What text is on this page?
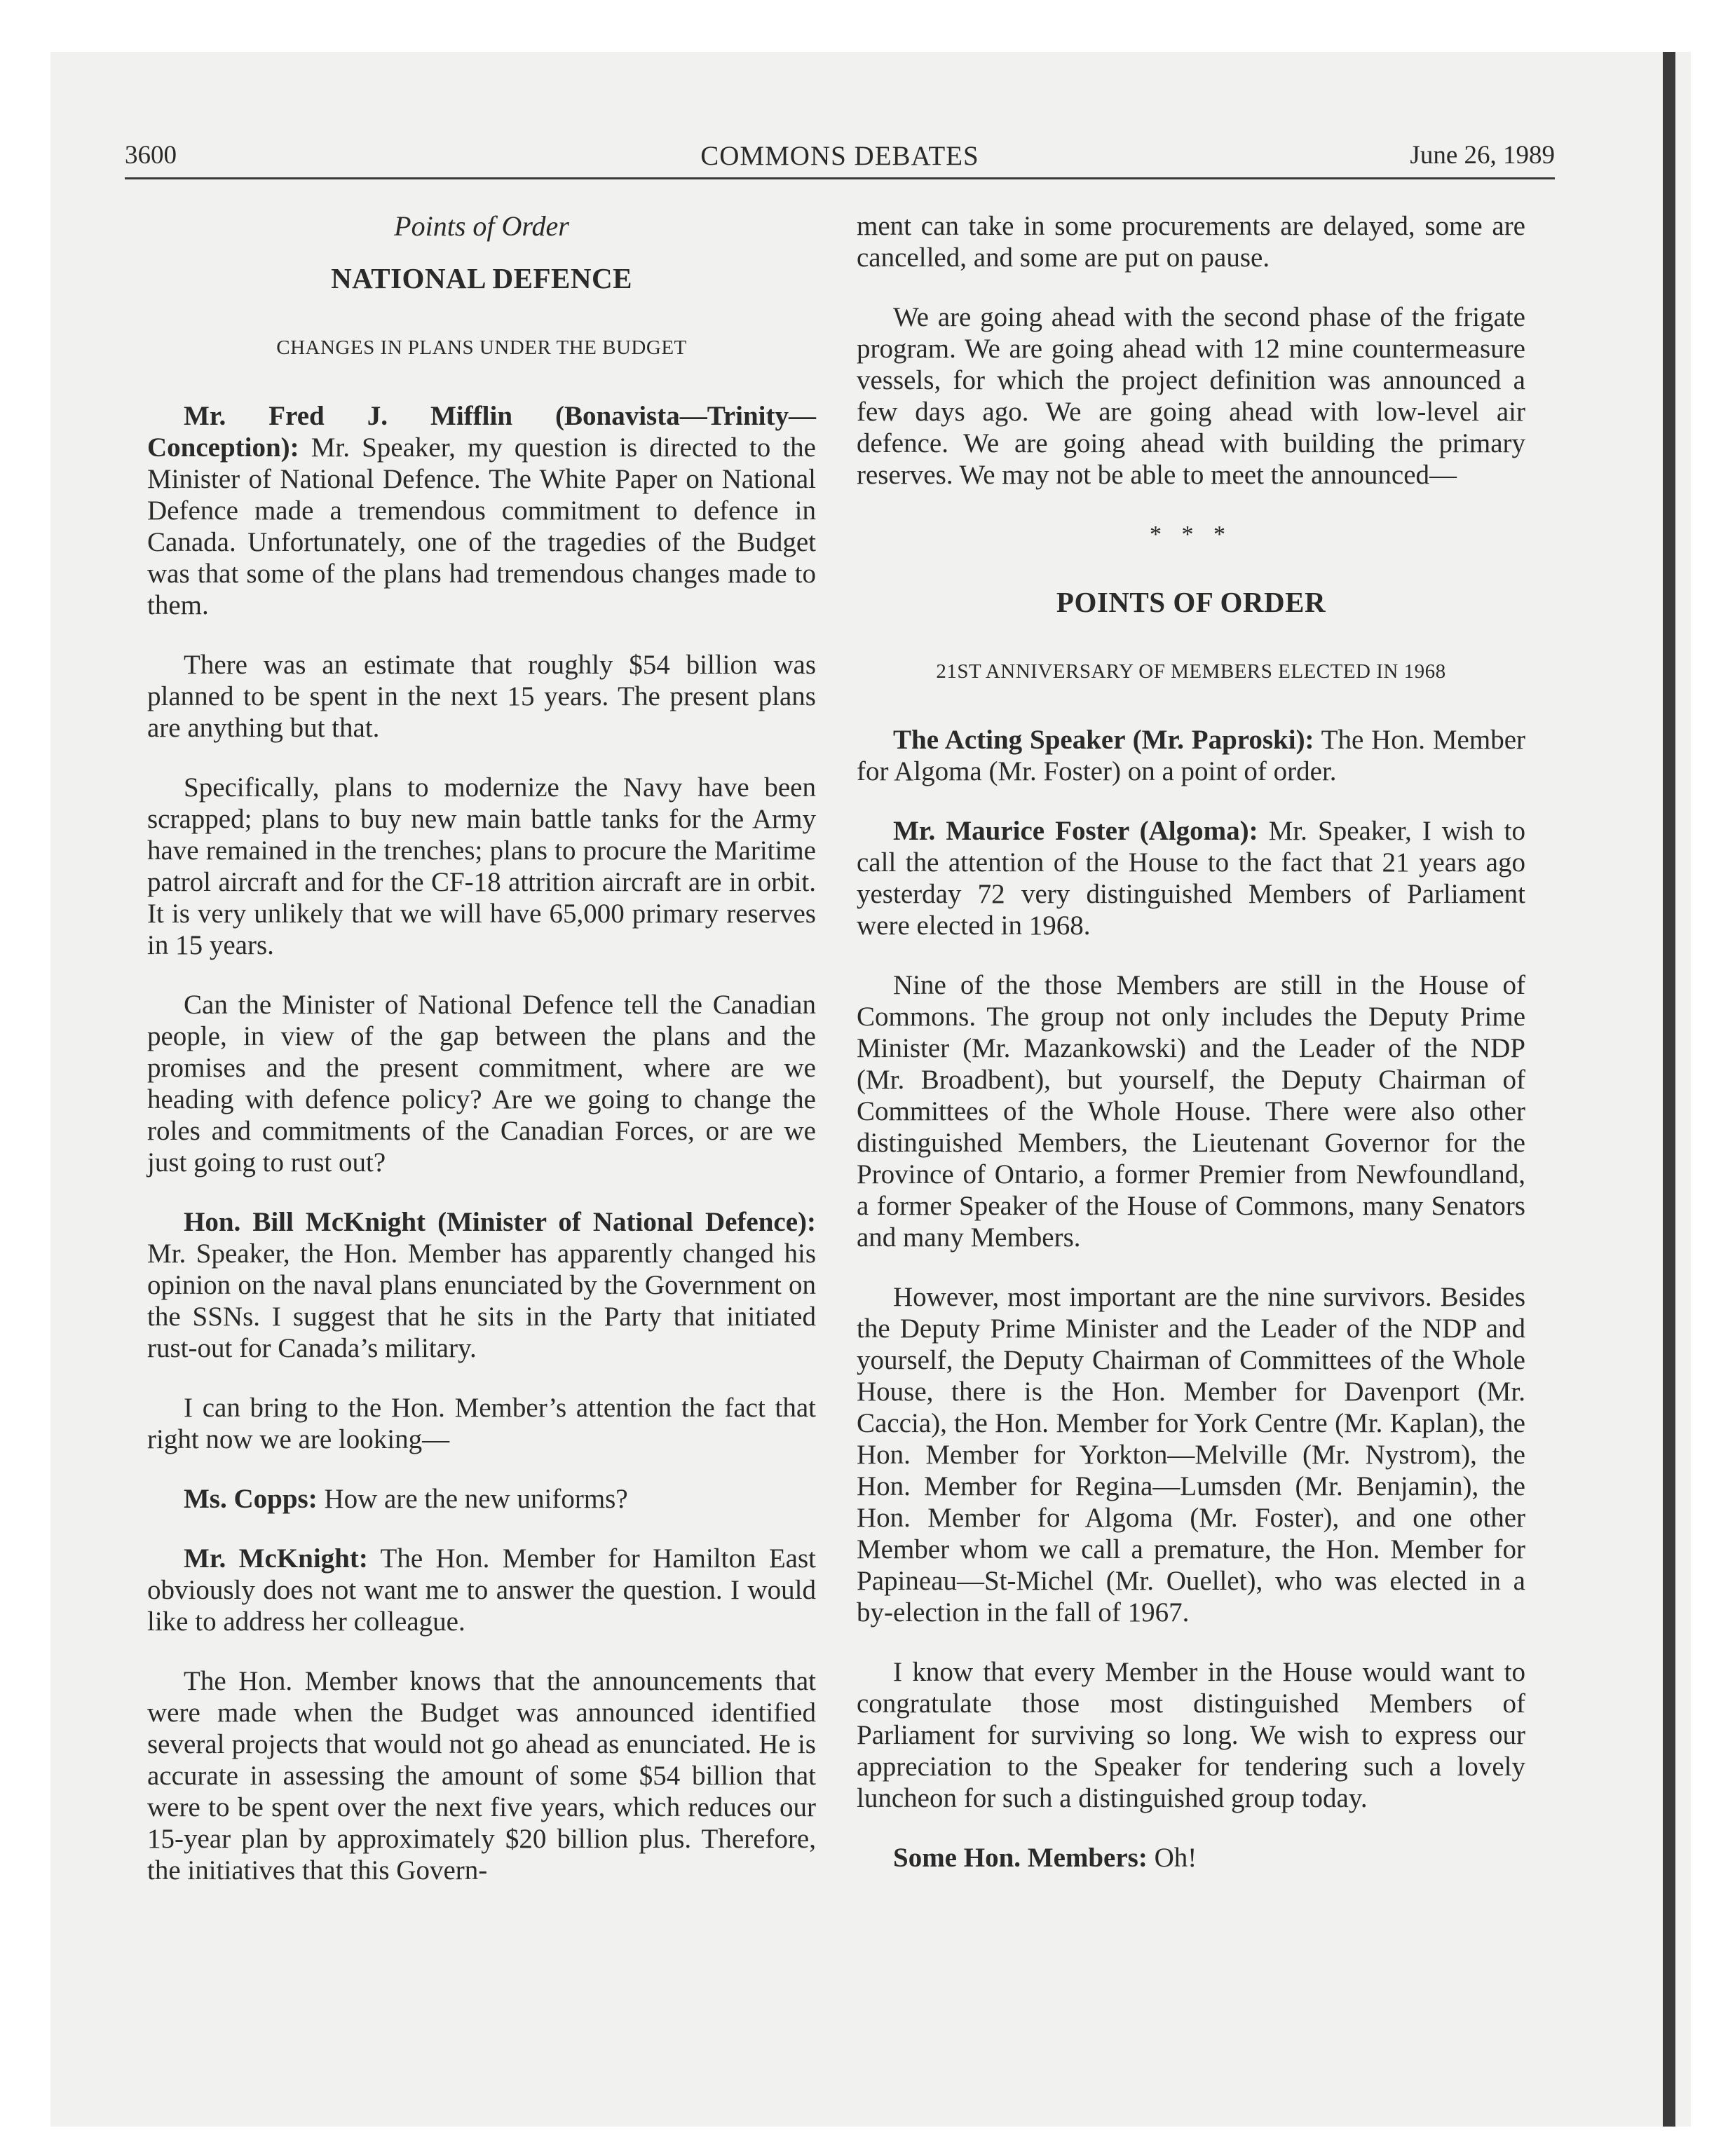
3600	COMMONS DEBATES	June 26, 1989
Points of Order
NATIONAL DEFENCE
CHANGES IN PLANS UNDER THE BUDGET

Mr. Fred J. Mifflin (Bonavista—Trinity—Conception): Mr. Speaker, my question is directed to the Minister of National Defence. The White Paper on National Defence made a tremendous commitment to defence in Canada. Unfortunately, one of the tragedies of the Budget was that some of the plans had tremendous changes made to them.

There was an estimate that roughly $54 billion was planned to be spent in the next 15 years. The present plans are anything but that.

Specifically, plans to modernize the Navy have been scrapped; plans to buy new main battle tanks for the Army have remained in the trenches; plans to procure the Maritime patrol aircraft and for the CF-18 attrition aircraft are in orbit. It is very unlikely that we will have 65,000 primary reserves in 15 years.

Can the Minister of National Defence tell the Canadian people, in view of the gap between the plans and the promises and the present commitment, where are we heading with defence policy? Are we going to change the roles and commitments of the Canadian Forces, or are we just going to rust out?

Hon. Bill McKnight (Minister of National Defence): Mr. Speaker, the Hon. Member has apparently changed his opinion on the naval plans enunciated by the Government on the SSNs. I suggest that he sits in the Party that initiated rust-out for Canada’s military.

I can bring to the Hon. Member’s attention the fact that right now we are looking—

Ms. Copps: How are the new uniforms?

Mr. McKnight: The Hon. Member for Hamilton East obviously does not want me to answer the question. I would like to address her colleague.

The Hon. Member knows that the announcements that were made when the Budget was announced identified several projects that would not go ahead as enunciated. He is accurate in assessing the amount of some $54 billion that were to be spent over the next five years, which reduces our 15-year plan by approximately $20 billion plus. Therefore, the initiatives that this Govern-

ment can take in some procurements are delayed, some are cancelled, and some are put on pause.

We are going ahead with the second phase of the frigate program. We are going ahead with 12 mine countermeasure vessels, for which the project definition was announced a few days ago. We are going ahead with low-level air defence. We are going ahead with building the primary reserves. We may not be able to meet the announced—

* * *
POINTS OF ORDER
21ST ANNIVERSARY OF MEMBERS ELECTED IN 1968

The Acting Speaker (Mr. Paproski): The Hon. Member for Algoma (Mr. Foster) on a point of order.

Mr. Maurice Foster (Algoma): Mr. Speaker, I wish to call the attention of the House to the fact that 21 years ago yesterday 72 very distinguished Members of Parliament were elected in 1968.

Nine of the those Members are still in the House of Commons. The group not only includes the Deputy Prime Minister (Mr. Mazankowski) and the Leader of the NDP (Mr. Broadbent), but yourself, the Deputy Chairman of Committees of the Whole House. There were also other distinguished Members, the Lieutenant Governor for the Province of Ontario, a former Premier from Newfoundland, a former Speaker of the House of Commons, many Senators and many Members.

However, most important are the nine survivors. Besides the Deputy Prime Minister and the Leader of the NDP and yourself, the Deputy Chairman of Committees of the Whole House, there is the Hon. Member for Davenport (Mr. Caccia), the Hon. Member for York Centre (Mr. Kaplan), the Hon. Member for Yorkton—Melville (Mr. Nystrom), the Hon. Member for Regina—Lumsden (Mr. Benjamin), the Hon. Member for Algoma (Mr. Foster), and one other Member whom we call a premature, the Hon. Member for Papineau—St-Michel (Mr. Ouellet), who was elected in a by-election in the fall of 1967.

I know that every Member in the House would want to congratulate those most distinguished Members of Parliament for surviving so long. We wish to express our appreciation to the Speaker for tendering such a lovely luncheon for such a distinguished group today.

Some Hon. Members: Oh!
